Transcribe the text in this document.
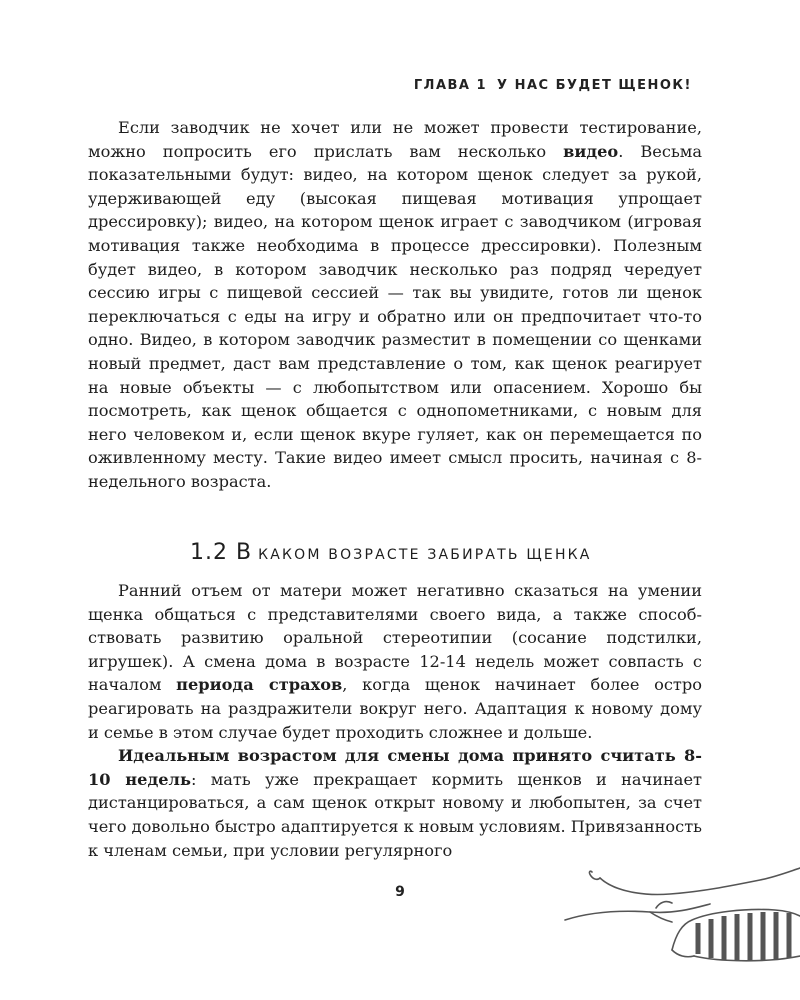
ГЛАВА 1 У НАС БУДЕТ ЩЕНОК!

Если заводчик не хочет или не может провести тестирование, можно попросить его прислать вам несколько видео. Весьма показательными будут: видео, на котором щенок следует за рукой, удерживающей еду (высокая пищевая мотивация упрощает дрессировку); видео, на котором щенок играет с заводчиком (игровая мотивация также необходима в процессе дрессировки). Полезным будет видео, в котором заводчик несколько раз подряд чередует сессию игры с пищевой сессией — так вы увидите, готов ли щенок переключаться с еды на игру и обратно или он предпочитает что-то одно. Видео, в котором заводчик разместит в помещении со щенками новый предмет, даст вам представление о том, как щенок реагирует на новые объекты — с любопытством или опасением. Хорошо бы посмотреть, как щенок общается с однопометниками, с новым для него человеком и, если щенок вкуре гуляет, как он перемещается по оживленному месту. Такие видео имеет смысл просить, начиная с 8-недельного возраста.

1.2 В КАКОМ ВОЗРАСТЕ ЗАБИРАТЬ ЩЕНКА

Ранний отъем от матери может негативно сказаться на умении щенка общаться с представителями своего вида, а также способствовать развитию оральной стереотипии (сосание подстилки, игрушек). А смена дома в возрасте 12-14 недель может совпасть с началом периода страхов, когда щенок начинает более остро реагировать на раздражители вокруг него. Адаптация к новому дому и семье в этом случае будет проходить сложнее и дольше.

Идеальным возрастом для смены дома принято считать 8-10 недель: мать уже прекращает кормить щенков и начинает дистанцироваться, а сам щенок открыт новому и любопытен, за счет чего довольно быстро адаптируется к новым условиям. Привязанность к членам семьи, при условии регулярного

9
